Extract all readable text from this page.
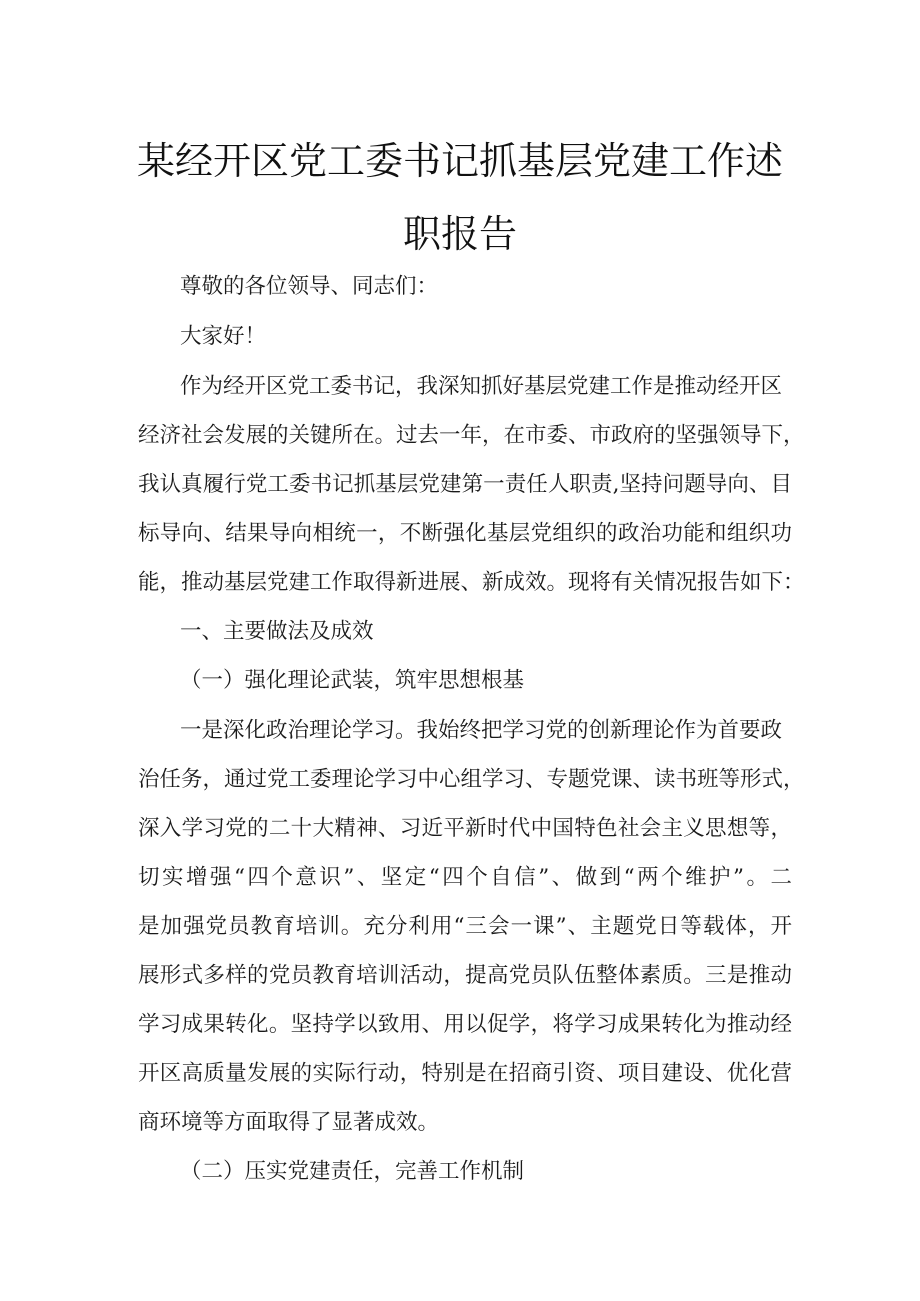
某经开区党工委书记抓基层党建工作述
职报告
尊敬的各位领导、同志们：
大家好！
作为经开区党工委书记，我深知抓好基层党建工作是推动经开区
经济社会发展的关键所在。过去一年，在市委、市政府的坚强领导下，
我认真履行党工委书记抓基层党建第一责任人职责,坚持问题导向、目
标导向、结果导向相统一，不断强化基层党组织的政治功能和组织功
能，推动基层党建工作取得新进展、新成效。现将有关情况报告如下：
一、主要做法及成效
（一）强化理论武装，筑牢思想根基
一是深化政治理论学习。我始终把学习党的创新理论作为首要政
治任务，通过党工委理论学习中心组学习、专题党课、读书班等形式，
深入学习党的二十大精神、习近平新时代中国特色社会主义思想等，
切实增强“四个意识”、坚定“四个自信”、做到“两个维护”。二
是加强党员教育培训。充分利用“三会一课”、主题党日等载体，开
展形式多样的党员教育培训活动，提高党员队伍整体素质。三是推动
学习成果转化。坚持学以致用、用以促学，将学习成果转化为推动经
开区高质量发展的实际行动，特别是在招商引资、项目建设、优化营
商环境等方面取得了显著成效。
（二）压实党建责任，完善工作机制
